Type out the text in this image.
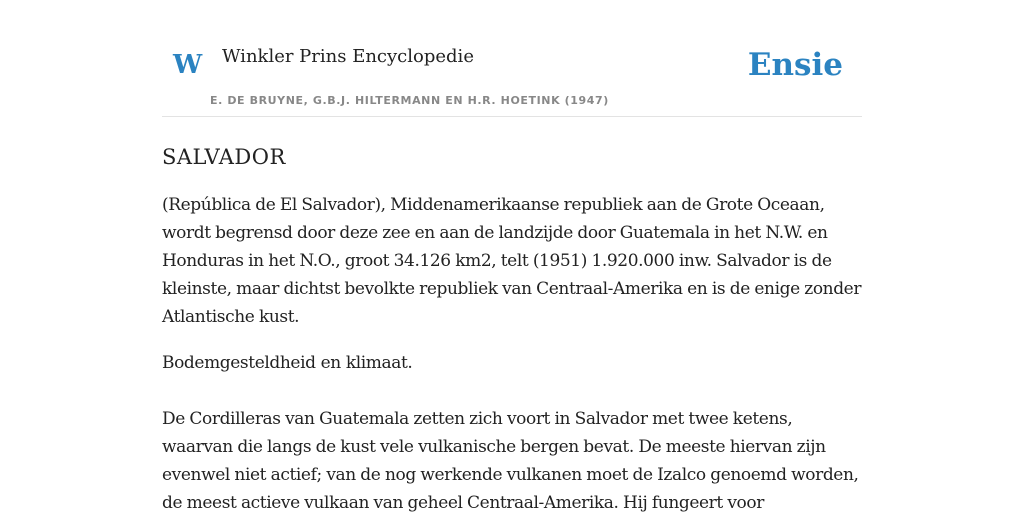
W Winkler Prins Encyclopedie
E. DE BRUYNE, G.B.J. HILTERMANN EN H.R. HOETINK (1947)
Ensie
SALVADOR

(República de El Salvador), Middenamerikaanse republiek aan de Grote Oceaan, wordt begrensd door deze zee en aan de landzijde door Guatemala in het N.W. en Honduras in het N.O., groot 34.126 km2, telt (1951) 1.920.000 inw. Salvador is de kleinste, maar dichtst bevolkte republiek van Centraal-Amerika en is de enige zonder Atlantische kust.

Bodemgesteldheid en klimaat.

De Cordilleras van Guatemala zetten zich voort in Salvador met twee ketens, waarvan die langs de kust vele vulkanische bergen bevat. De meeste hiervan zijn evenwel niet actief; van de nog werkende vulkanen moet de Izalco genoemd worden, de meest actieve vulkaan van geheel Centraal-Amerika. Hij fungeert voor
